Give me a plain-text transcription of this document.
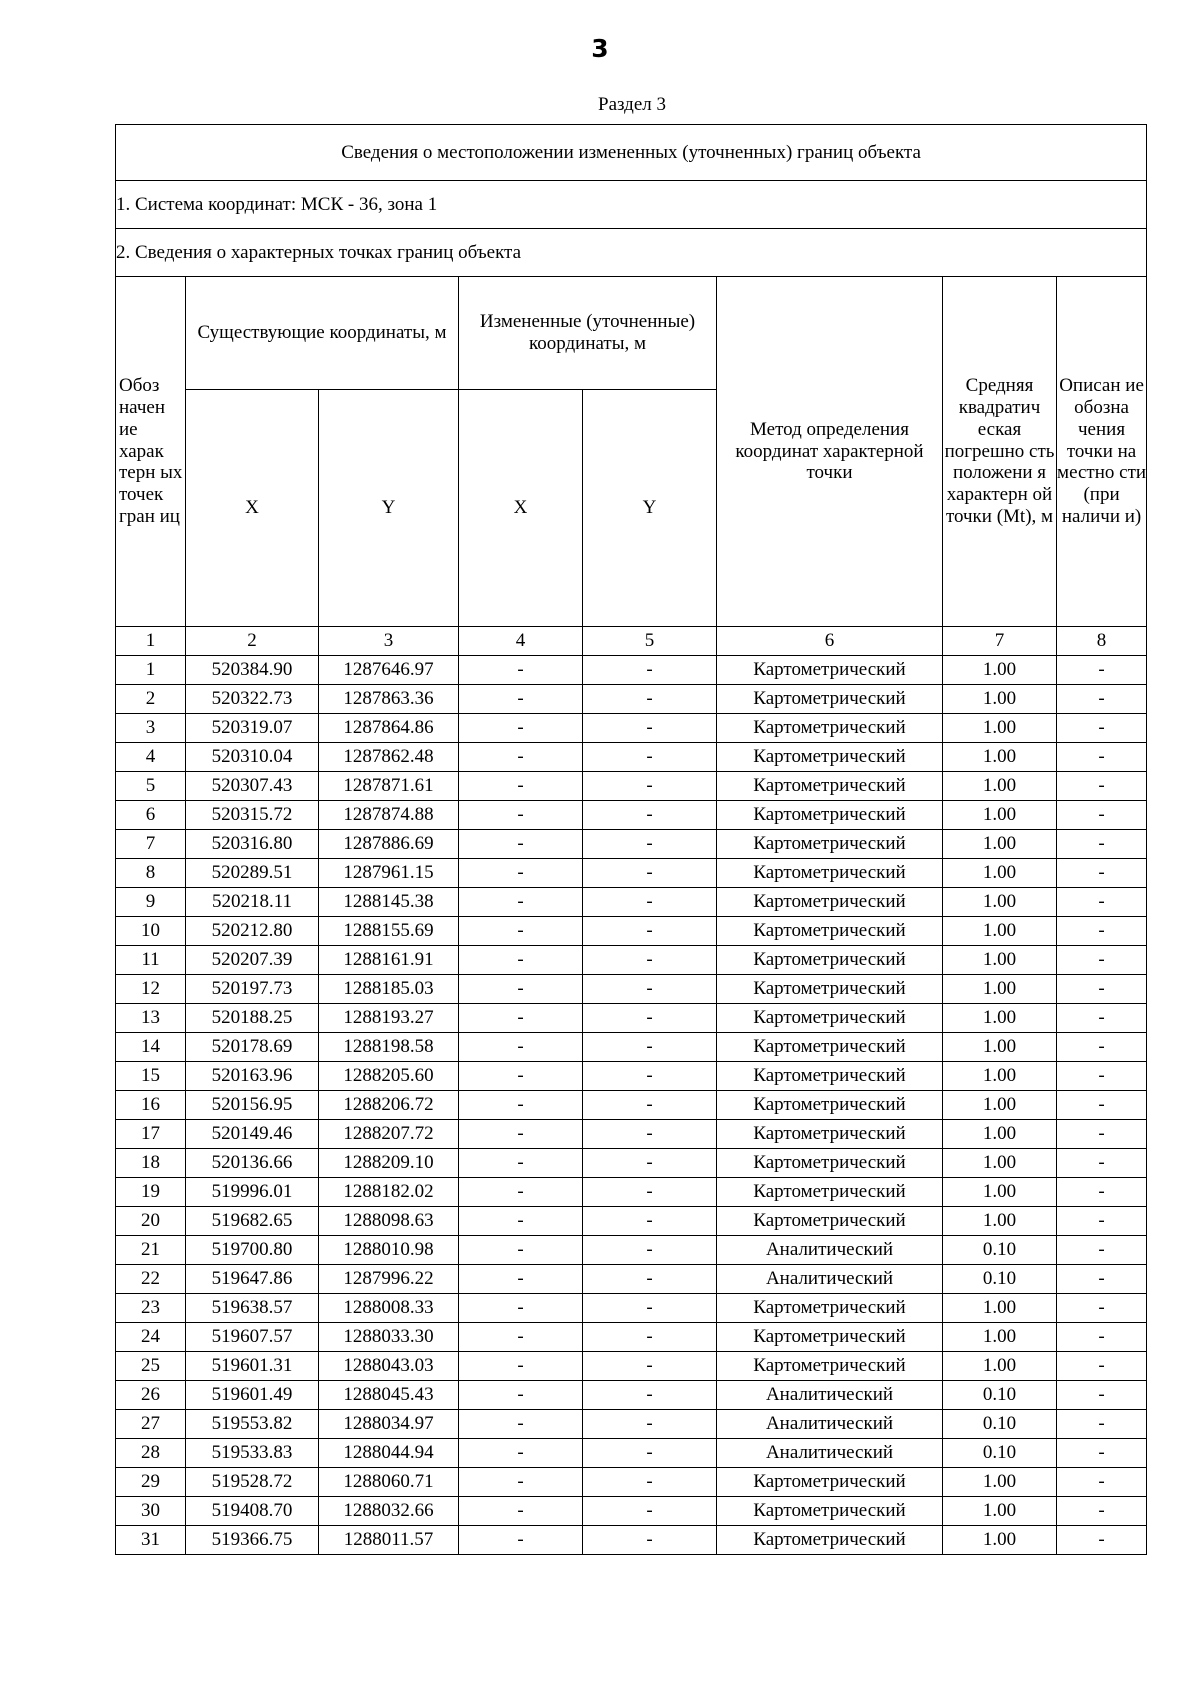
3
Раздел 3
Сведения о местоположении измененных (уточненных) границ объекта							
1. Система координат: МСК - 36, зона 1							
2. Сведения о характерных точках границ объекта							
Обоз начен ие харак терн ых точек гран иц	Существующие координаты, м		Измененные (уточненные) координаты, м		Метод определения координат характерной точки	Средняя квадратич еская погрешно сть положени я характерн ой точки (Mt), м	Описан ие обозна чения точки на местно сти (при наличи и)
	X	Y	X	Y			
1	2	3	4	5	6	7	8
1	520384.90	1287646.97	-	-	Картометрический	1.00	-
2	520322.73	1287863.36	-	-	Картометрический	1.00	-
3	520319.07	1287864.86	-	-	Картометрический	1.00	-
4	520310.04	1287862.48	-	-	Картометрический	1.00	-
5	520307.43	1287871.61	-	-	Картометрический	1.00	-
6	520315.72	1287874.88	-	-	Картометрический	1.00	-
7	520316.80	1287886.69	-	-	Картометрический	1.00	-
8	520289.51	1287961.15	-	-	Картометрический	1.00	-
9	520218.11	1288145.38	-	-	Картометрический	1.00	-
10	520212.80	1288155.69	-	-	Картометрический	1.00	-
11	520207.39	1288161.91	-	-	Картометрический	1.00	-
12	520197.73	1288185.03	-	-	Картометрический	1.00	-
13	520188.25	1288193.27	-	-	Картометрический	1.00	-
14	520178.69	1288198.58	-	-	Картометрический	1.00	-
15	520163.96	1288205.60	-	-	Картометрический	1.00	-
16	520156.95	1288206.72	-	-	Картометрический	1.00	-
17	520149.46	1288207.72	-	-	Картометрический	1.00	-
18	520136.66	1288209.10	-	-	Картометрический	1.00	-
19	519996.01	1288182.02	-	-	Картометрический	1.00	-
20	519682.65	1288098.63	-	-	Картометрический	1.00	-
21	519700.80	1288010.98	-	-	Аналитический	0.10	-
22	519647.86	1287996.22	-	-	Аналитический	0.10	-
23	519638.57	1288008.33	-	-	Картометрический	1.00	-
24	519607.57	1288033.30	-	-	Картометрический	1.00	-
25	519601.31	1288043.03	-	-	Картометрический	1.00	-
26	519601.49	1288045.43	-	-	Аналитический	0.10	-
27	519553.82	1288034.97	-	-	Аналитический	0.10	-
28	519533.83	1288044.94	-	-	Аналитический	0.10	-
29	519528.72	1288060.71	-	-	Картометрический	1.00	-
30	519408.70	1288032.66	-	-	Картометрический	1.00	-
31	519366.75	1288011.57	-	-	Картометрический	1.00	-
